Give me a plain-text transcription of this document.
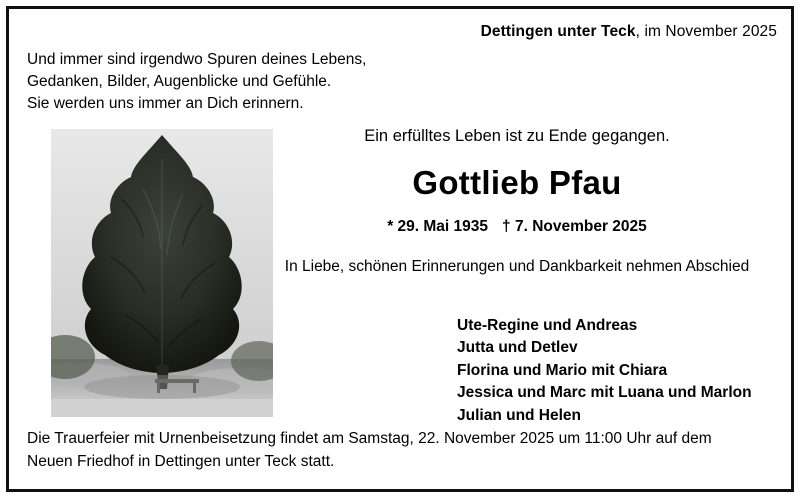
Dettingen unter Teck, im November 2025
Und immer sind irgendwo Spuren deines Lebens,
Gedanken, Bilder, Augenblicke und Gefühle.
Sie werden uns immer an Dich erinnern.
Ein erfülltes Leben ist zu Ende gegangen.
Gottlieb Pfau
* 29. Mai 1935 † 7. November 2025
In Liebe, schönen Erinnerungen und Dankbarkeit nehmen Abschied
Ute-Regine und Andreas
Jutta und Detlev
Florina und Mario mit Chiara
Jessica und Marc mit Luana und Marlon
Julian und Helen
Die Trauerfeier mit Urnenbeisetzung findet am Samstag, 22. November 2025 um 11:00 Uhr auf dem
Neuen Friedhof in Dettingen unter Teck statt.
